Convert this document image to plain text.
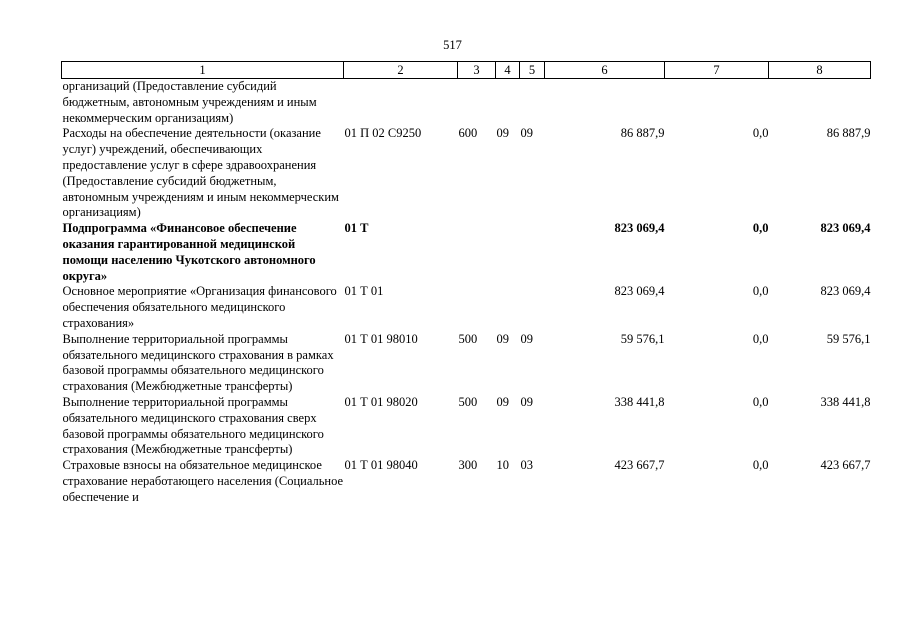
517
1	2	3	4	5	6	7	8
организаций (Предоставление субсидий бюджетным, автономным учреждениям и иным некоммерческим организациям)							
Расходы на обеспечение деятельности (оказание услуг) учреждений, обеспечивающих предоставление услуг в сфере здравоохранения (Предоставление субсидий бюджетным, автономным учреждениям и иным некоммерческим организациям)	01 П 02 С9250	600	09	09	86 887,9	0,0	86 887,9
Подпрограмма «Финансовое обеспечение оказания гарантированной медицинской помощи населению Чукотского автономного округа»	01 Т				823 069,4	0,0	823 069,4
Основное мероприятие «Организация финансового обеспечения обязательного медицинского страхования»	01 Т 01				823 069,4	0,0	823 069,4
Выполнение территориальной программы обязательного медицинского страхования в рамках базовой программы обязательного медицинского страхования (Межбюджетные трансферты)	01 Т 01 98010	500	09	09	59 576,1	0,0	59 576,1
Выполнение территориальной программы обязательного медицинского страхования сверх базовой программы обязательного медицинского страхования (Межбюджетные трансферты)	01 Т 01 98020	500	09	09	338 441,8	0,0	338 441,8
Страховые взносы на обязательное медицинское страхование неработающего населения (Социальное обеспечение и	01 Т 01 98040	300	10	03	423 667,7	0,0	423 667,7
